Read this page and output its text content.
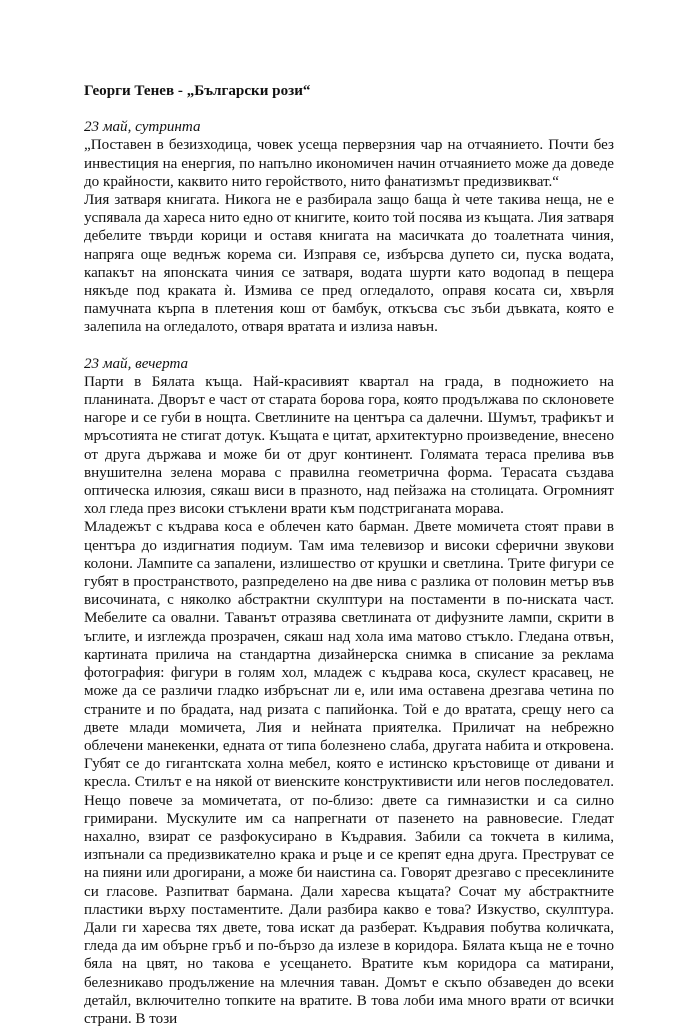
Георги Тенев - „Български рози“

23 май, сутринта

„Поставен в безизходица, човек усеща перверзния чар на отчаянието. Почти без инвестиция на енергия, по напълно икономичен начин отчаянието може да доведе до крайности, каквито нито геройството, нито фанатизмът предизвикват.“

Лия затваря книгата. Никога не е разбирала защо баща ѝ чете такива неща, не е успявала да хареса нито едно от книгите, които той посява из къщата. Лия затваря дебелите твърди корици и оставя книгата на масичката до тоалетната чиния, напряга още веднъж корема си. Изправя се, избърсва дупето си, пуска водата, капакът на японската чиния се затваря, водата шурти като водопад в пещера някъде под краката ѝ. Измива се пред огледалото, оправя косата си, хвърля памучната кърпа в плетения кош от бамбук, откъсва със зъби дъвката, която е залепила на огледалото, отваря вратата и излиза навън.

23 май, вечерта

Парти в Бялата къща. Най-красивият квартал на града, в подножието на планината. Дворът е част от старата борова гора, която продължава по склоновете нагоре и се губи в нощта. Светлините на центъра са далечни. Шумът, трафикът и мръсотията не стигат дотук. Къщата е цитат, архитектурно произведение, внесено от друга държава и може би от друг континент. Голямата тераса прелива във внушителна зелена морава с правилна геометрична форма. Терасата създава оптическа илюзия, сякаш виси в празното, над пейзажа на столицата. Огромният хол гледа през високи стъклени врати към подстриганата морава.

Младежът с къдрава коса е облечен като барман. Двете момичета стоят прави в центъра до издигнатия подиум. Там има телевизор и високи сферични звукови колони. Лампите са запалени, излишество от крушки и светлина. Трите фигури се губят в пространството, разпределено на две нива с разлика от половин метър във височината, с няколко абстрактни скулптури на постаменти в по-ниската част. Мебелите са овални. Таванът отразява светлината от дифузните лампи, скрити в ъглите, и изглежда прозрачен, сякаш над хола има матово стъкло. Гледана отвън, картината прилича на стандартна дизайнерска снимка в списание за реклама фотография: фигури в голям хол, младеж с къдрава коса, скулест красавец, не може да се различи гладко избръснат ли е, или има оставена дрезгава четина по страните и по брадата, над ризата с папийонка. Той е до вратата, срещу него са двете млади момичета, Лия и нейната приятелка. Приличат на небрежно облечени манекенки, едната от типа болезнено слаба, другата набита и откровена. Губят се до гигантската холна мебел, която е истинско кръстовище от дивани и кресла. Стилът е на някой от виенските конструктивисти или негов последовател. Нещо повече за момичетата, от по-близо: двете са гимназистки и са силно гримирани. Мускулите им са напрегнати от пазенето на равновесие. Гледат нахално, взират се разфокусирано в Къдравия. Забили са токчета в килима, изпънали са предизвикателно крака и ръце и се крепят една друга. Преструват се на пияни или дрогирани, а може би наистина са. Говорят дрезгаво с пресеклините си гласове. Разпитват бармана. Дали харесва къщата? Сочат му абстрактните пластики върху постаментите. Дали разбира какво е това? Изкуство, скулптура. Дали ги харесва тях двете, това искат да разберат. Къдравия побутва количката, гледа да им обърне гръб и по-бързо да излезе в коридора. Бялата къща не е точно бяла на цвят, но такова е усещането. Вратите към коридора са матирани, белезникаво продължение на млечния таван. Домът е скъпо обзаведен до всеки детайл, включително топките на вратите. В това лоби има много врати от всички страни. В този
